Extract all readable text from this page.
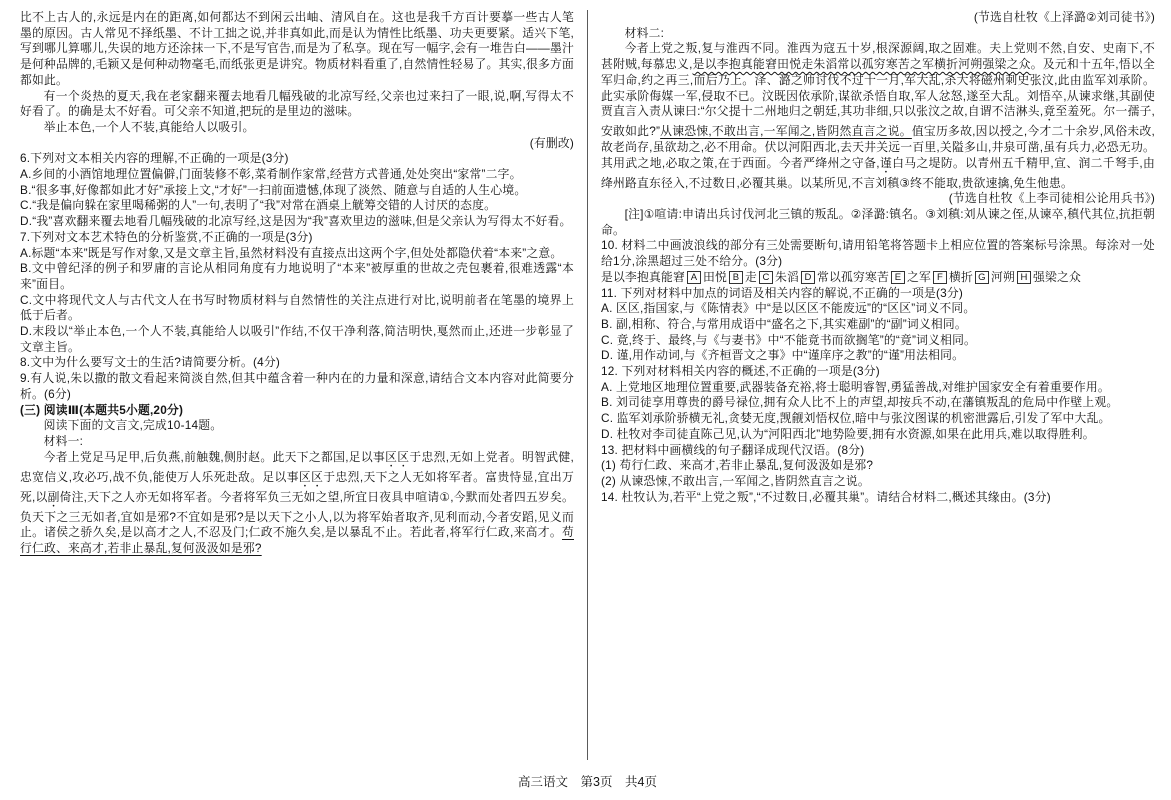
比不上古人的,永远是内在的距离,如何都达不到闲云出岫、清风自在。这也是我千方百计要摹一些古人笔墨的原因。古人常见不择纸墨、不计工拙之说,并非真如此,而是认为情性比纸墨、功夫更要紧。适兴下笔,写到哪儿算哪儿,失误的地方还涂抹一下,不是写官告,而是为了私享。现在写一幅字,会有一堆告白——墨汁是何种品牌的,毛颖又是何种动物毫毛,而纸张更是讲究。物质材料看重了,自然情性轻易了。其实,很多方面都如此。

有一个炎热的夏天,我在老家翻来覆去地看几幅残破的北凉写经,父亲也过来扫了一眼,说,啊,写得太不好看了。的确是太不好看。可父亲不知道,把玩的是里边的滋味。

举止本色,一个人不装,真能给人以吸引。

(有删改)

6.下列对文本相关内容的理解,不正确的一项是(3分)

A.乡间的小酒馆地理位置偏僻,门面装修不彰,菜肴制作家常,经营方式普通,处处突出“家常”二字。

B.“很多事,好像都如此才好”承接上文,“才好”一扫前面遗憾,体现了淡然、随意与自适的人生心境。

C.“我是偏向躲在家里喝稀粥的人”一句,表明了“我”对常在酒桌上觥筹交错的人讨厌的态度。

D.“我”喜欢翻来覆去地看几幅残破的北凉写经,这是因为“我”喜欢里边的滋味,但是父亲认为写得太不好看。

7.下列对文本艺术特色的分析鉴赏,不正确的一项是(3分)

A.标题“本来”既是写作对象,又是文章主旨,虽然材料没有直接点出这两个字,但处处都隐伏着“本来”之意。

B.文中曾纪泽的例子和罗庸的言论从相同角度有力地说明了“本来”被厚重的世故之壳包裹着,很难透露“本来”面目。

C.文中将现代文人与古代文人在书写时物质材料与自然情性的关注点进行对比,说明前者在笔墨的境界上低于后者。

D.末段以“举止本色,一个人不装,真能给人以吸引”作结,不仅干净利落,简洁明快,戛然而止,还进一步彰显了文章主旨。

8.文中为什么要写文士的生活?请简要分析。(4分)

9.有人说,朱以撒的散文看起来简淡自然,但其中蕴含着一种内在的力量和深意,请结合文本内容对此简要分析。(6分)

(三) 阅读Ⅲ(本题共5小题,20分)

阅读下面的文言文,完成10-14题。

材料一:

今者上党足马足甲,后负燕,前触魏,侧肘赵。此天下之都国,足以事区区于忠烈,无如上党者。明智武健,忠宽信义,攻必巧,战不负,能使万人乐死赴敌。足以事区区于忠烈,天下之人无如将军者。富贵恃显,宜出万死,以副倚注,天下之人亦无如将军者。今者将军负三无如之望,所宜日夜具申喧请①,今默而处者四五岁矣。负天下之三无如者,宜如是邪?不宜如是邪?是以天下之小人,以为将军始者取齐,见利而动,今者安蹈,见义而止。诸侯之骄久矣,是以高才之人,不忍及门;仁政不施久矣,是以暴乱不止。若此者,将军行仁政,来高才。苟行仁政、来高才,若非止暴乱,复何汲汲如是邪?

(节选自杜牧《上泽潞②刘司徒书》)

材料二:

今者上党之叛,复与淮西不同。淮西为寇五十岁,根深源阔,取之固难。夫上党则不然,自安、史南下,不甚附贼,每慕忠义,是以李抱真能窘田悦走朱滔常以孤穷寒苦之军横折河朔强梁之众。及元和十五年,悟以全军归命,约之再三,而后乃上。泽、潞之师讨伐不过十一月,军大乱,杀大将磁州刺史张汶,此由监军刘承阶。此实承阶侮媒一军,侵取不已。汶既因依承阶,谋欲杀悟自取,军人忿怒,遂至大乱。刘悟卒,从谏求继,其副使贾直言入责从谏曰:“尔父提十二州地归之朝廷,其功非细,只以张汶之故,自谓不洁淋头,竟至羞死。尔一孺子,安敢如此?”从谏恐悚,不敢出言,一军闻之,皆阴然直言之说。值宝历多故,因以授之,今才二十余岁,风俗未改,故老尚存,虽欲劫之,必不用命。伏以河阳西北,去天井关远一百里,关隘多山,井泉可凿,虽有兵力,必恐无功。其用武之地,必取之策,在于西面。今者严绛州之守备,谨白马之堤防。以青州五千精甲,宣、润二千弩手,由绛州路直东径入,不过数日,必覆其巢。以某所见,不言刘稹③终不能取,贵欲速擒,免生他患。

(节选自杜牧《上李司徒相公论用兵书》)

[注]①喧请:申请出兵讨伐河北三镇的叛乱。②泽潞:镇名。③刘稹:刘从谏之侄,从谏卒,稹代其位,抗拒朝命。

10. 材料二中画波浪线的部分有三处需要断句,请用铅笔将答题卡上相应位置的答案标号涂黑。每涂对一处给1分,涂黑超过三处不给分。(3分)

是以李抱真能窘 A 田悦 B 走 C 朱滔 D 常以孤穷寒苦 E 之军 F 横折 G 河朔 H 强梁之众

11. 下列对材料中加点的词语及相关内容的解说,不正确的一项是(3分)

A. 区区,指国家,与《陈情表》中“是以区区不能废远”的“区区”词义不同。

B. 副,相称、符合,与常用成语中“盛名之下,其实难副”的“副”词义相同。

C. 竟,终于、最终,与《与妻书》中“不能竟书而欲搁笔”的“竟”词义相同。

D. 谨,用作动词,与《齐桓晋文之事》中“谨庠序之教”的“谨”用法相同。

12. 下列对材料相关内容的概述,不正确的一项是(3分)

A. 上党地区地理位置重要,武器装备充裕,将士聪明睿智,勇猛善战,对维护国家安全有着重要作用。

B. 刘司徒享用尊贵的爵号禄位,拥有众人比不上的声望,却按兵不动,在藩镇叛乱的危局中作壁上观。

C. 监军刘承阶骄横无礼,贪婪无度,觊觎刘悟权位,暗中与张汶图谋的机密泄露后,引发了军中大乱。

D. 杜牧对李司徒直陈己见,认为“河阳西北”地势险要,拥有水资源,如果在此用兵,难以取得胜利。

13. 把材料中画横线的句子翻译成现代汉语。(8分)

(1) 苟行仁政、来高才,若非止暴乱,复何汲汲如是邪?

(2) 从谏恐悚,不敢出言,一军闻之,皆阴然直言之说。

14. 杜牧认为,若平“上党之叛”,“不过数日,必覆其巢”。请结合材料二,概述其缘由。(3分)

高三语文　第3页　共4页
